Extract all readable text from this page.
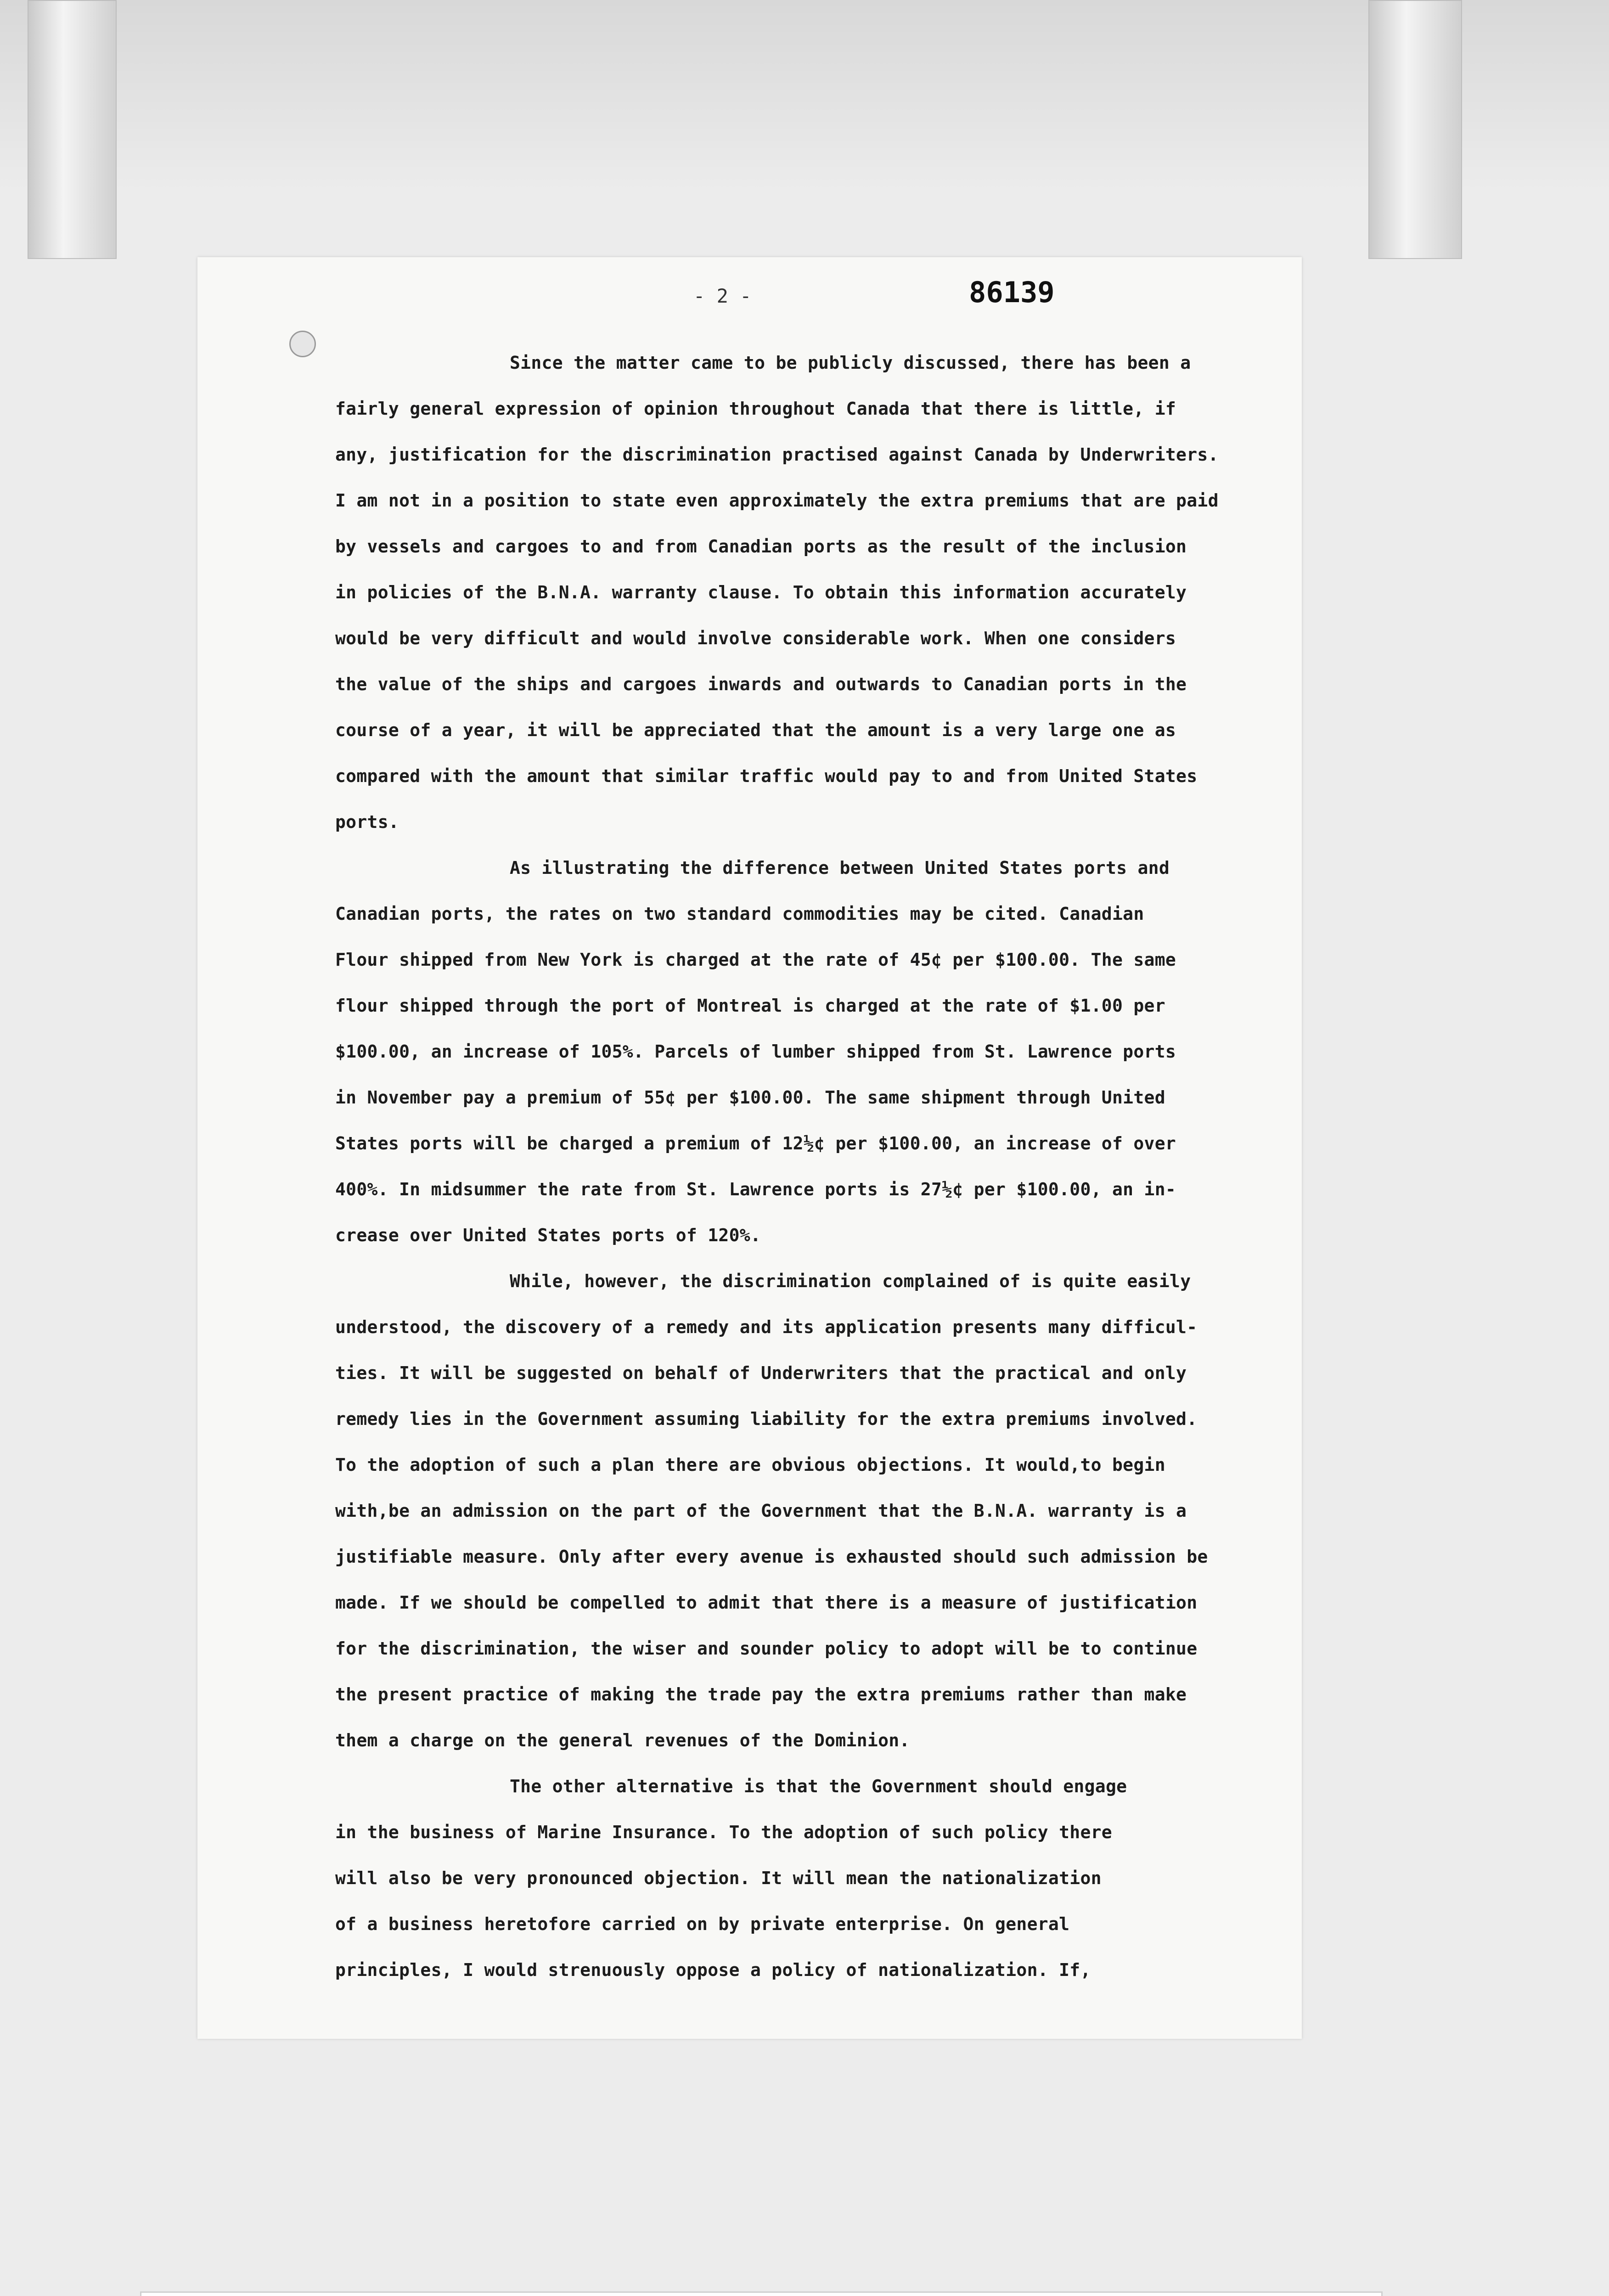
- 2 -	86139

Since the matter came to be publicly discussed, there has been a

fairly general expression of opinion throughout Canada that there is little, if

any, justification for the discrimination practised against Canada by Underwriters.

I am not in a position to state even approximately the extra premiums that are paid

by vessels and cargoes to and from Canadian ports as the result of the inclusion

in policies of the B.N.A. warranty clause. To obtain this information accurately

would be very difficult and would involve considerable work. When one considers

the value of the ships and cargoes inwards and outwards to Canadian ports in the

course of a year, it will be appreciated that the amount is a very large one as

compared with the amount that similar traffic would pay to and from United States

ports.

As illustrating the difference between United States ports and

Canadian ports, the rates on two standard commodities may be cited. Canadian

Flour shipped from New York is charged at the rate of 45¢ per $100.00. The same

flour shipped through the port of Montreal is charged at the rate of $1.00 per

$100.00, an increase of 105%. Parcels of lumber shipped from St. Lawrence ports

in November pay a premium of 55¢ per $100.00. The same shipment through United

States ports will be charged a premium of 12½¢ per $100.00, an increase of over

400%. In midsummer the rate from St. Lawrence ports is 27½¢ per $100.00, an in-

crease over United States ports of 120%.

While, however, the discrimination complained of is quite easily

understood, the discovery of a remedy and its application presents many difficul-

ties. It will be suggested on behalf of Underwriters that the practical and only

remedy lies in the Government assuming liability for the extra premiums involved.

To the adoption of such a plan there are obvious objections. It would,to begin

with,be an admission on the part of the Government that the B.N.A. warranty is a

justifiable measure. Only after every avenue is exhausted should such admission be

made. If we should be compelled to admit that there is a measure of justification

for the discrimination, the wiser and sounder policy to adopt will be to continue

the present practice of making the trade pay the extra premiums rather than make

them a charge on the general revenues of the Dominion.

The other alternative is that the Government should engage

in the business of Marine Insurance. To the adoption of such policy there

will also be very pronounced objection. It will mean the nationalization

of a business heretofore carried on by private enterprise. On general

principles, I would strenuously oppose a policy of nationalization. If,
